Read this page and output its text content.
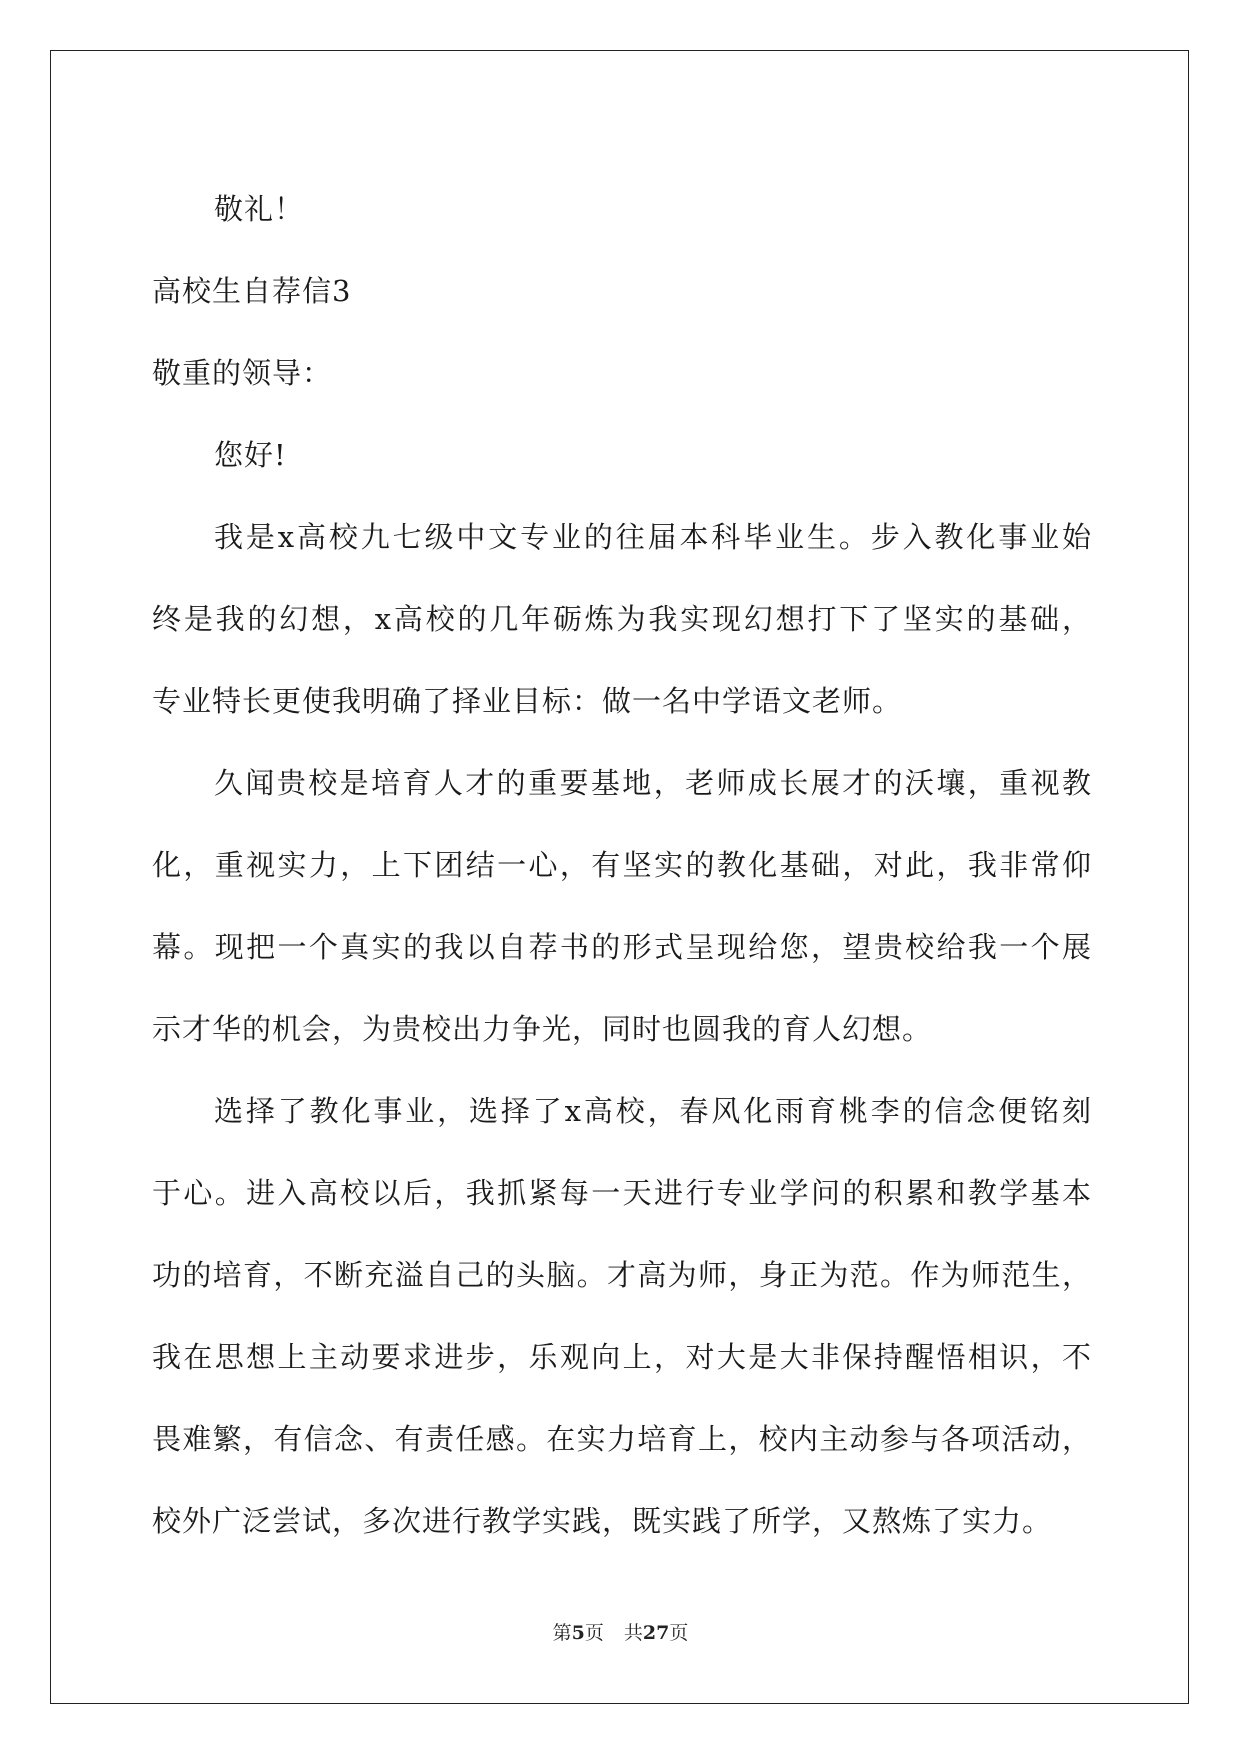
敬礼！
高校生自荐信3
敬重的领导：
您好!
我是x高校九七级中文专业的往届本科毕业生。步入教化事业始
终是我的幻想，x高校的几年砺炼为我实现幻想打下了坚实的基础，
专业特长更使我明确了择业目标：做一名中学语文老师。
久闻贵校是培育人才的重要基地，老师成长展才的沃壤，重视教
化，重视实力，上下团结一心，有坚实的教化基础，对此，我非常仰
幕。现把一个真实的我以自荐书的形式呈现给您，望贵校给我一个展
示才华的机会，为贵校出力争光，同时也圆我的育人幻想。
选择了教化事业，选择了x高校，春风化雨育桃李的信念便铭刻
于心。进入高校以后，我抓紧每一天进行专业学问的积累和教学基本
功的培育，不断充溢自己的头脑。才高为师，身正为范。作为师范生，
我在思想上主动要求进步，乐观向上，对大是大非保持醒悟相识，不
畏难繁，有信念、有责任感。在实力培育上，校内主动参与各项活动，
校外广泛尝试，多次进行教学实践，既实践了所学，又熬炼了实力。
第5页 共27页
